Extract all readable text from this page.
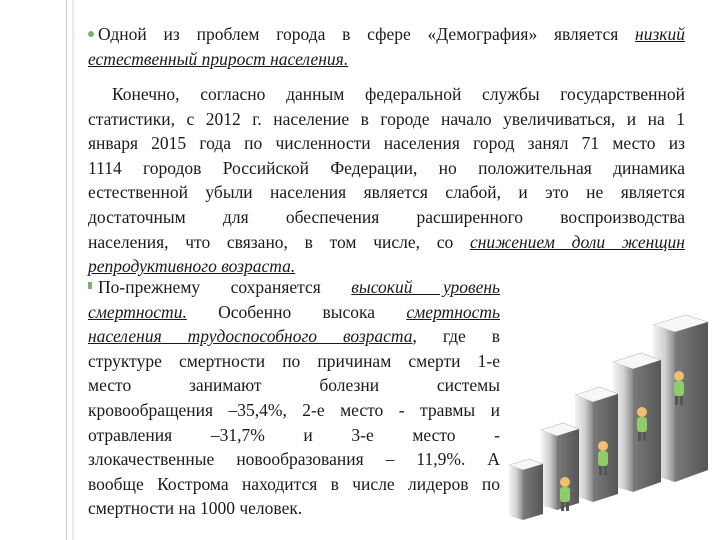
Одной из проблем города в сфере «Демография» является низкий
естественный прирост населения.
Конечно, согласно данным федеральной службы государственной
статистики, с 2012 г. население в городе начало увеличиваться, и на 1
января 2015 года по численности населения город занял 71 место из
1114 городов Российской Федерации, но положительная динамика
естественной убыли населения является слабой, и это не является
достаточным для обеспечения расширенного воспроизводства
населения, что связано, в том числе, со снижением доли женщин
репродуктивного возраста.
По-прежнему сохраняется высокий уровень
смертности. Особенно высока смертность
населения трудоспособного возраста, где в
структуре смертности по причинам смерти 1-е
место занимают болезни системы
кровообращения –35,4%, 2-е место - травмы и
отравления –31,7% и 3-е место -
злокачественные новообразования – 11,9%. А
вообще Кострома находится в числе лидеров по
смертности на 1000 человек.
